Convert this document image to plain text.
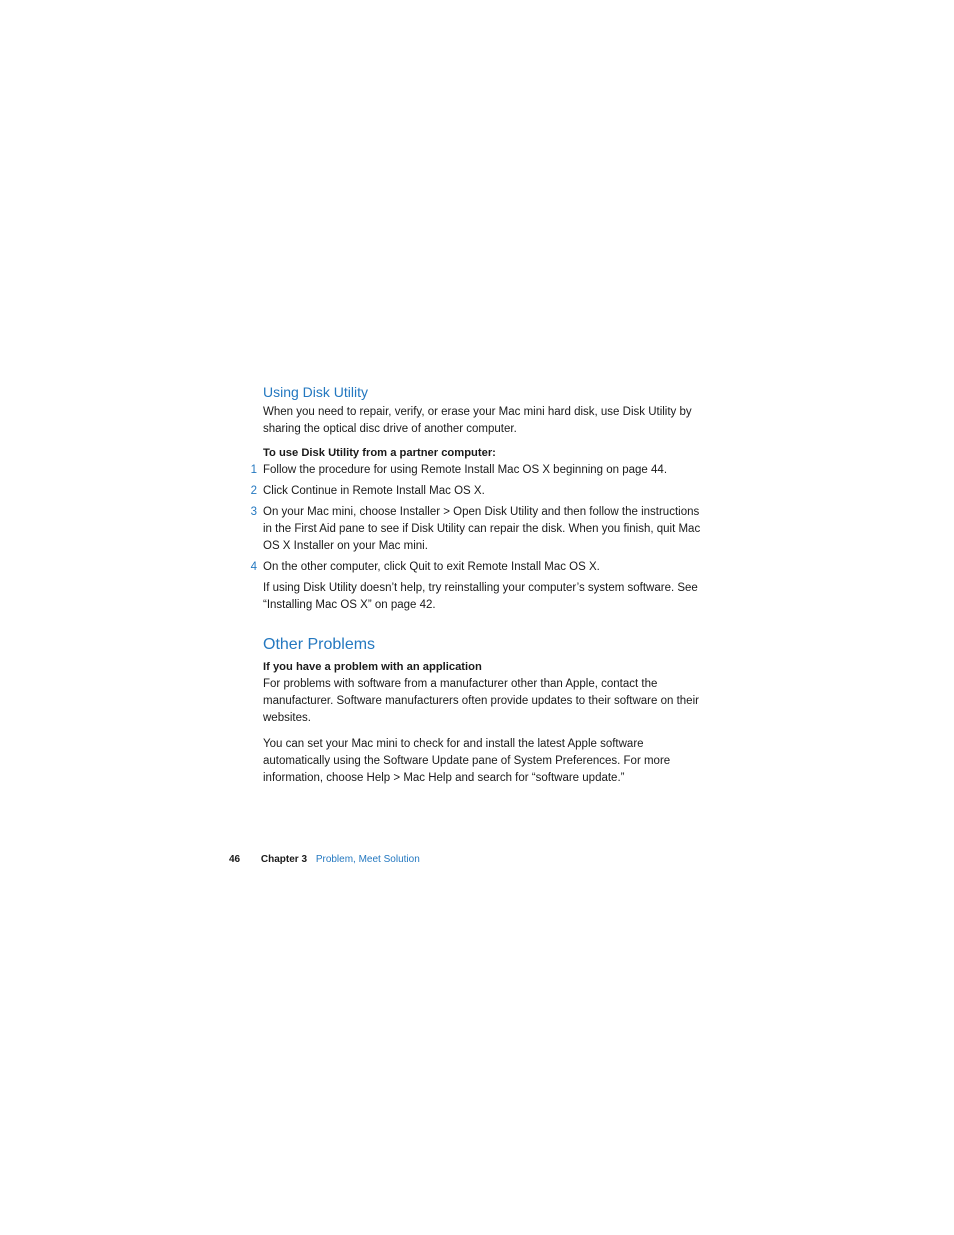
Using Disk Utility

When you need to repair, verify, or erase your Mac mini hard disk, use Disk Utility by sharing the optical disc drive of another computer.

To use Disk Utility from a partner computer:

1 Follow the procedure for using Remote Install Mac OS X beginning on page 44.
2 Click Continue in Remote Install Mac OS X.
3 On your Mac mini, choose Installer > Open Disk Utility and then follow the instructions in the First Aid pane to see if Disk Utility can repair the disk. When you finish, quit Mac OS X Installer on your Mac mini.
4 On the other computer, click Quit to exit Remote Install Mac OS X.

If using Disk Utility doesn’t help, try reinstalling your computer’s system software. See “Installing Mac OS X” on page 42.

Other Problems

If you have a problem with an application

For problems with software from a manufacturer other than Apple, contact the manufacturer. Software manufacturers often provide updates to their software on their websites.

You can set your Mac mini to check for and install the latest Apple software automatically using the Software Update pane of System Preferences. For more information, choose Help > Mac Help and search for “software update.”

46 Chapter 3 Problem, Meet Solution
